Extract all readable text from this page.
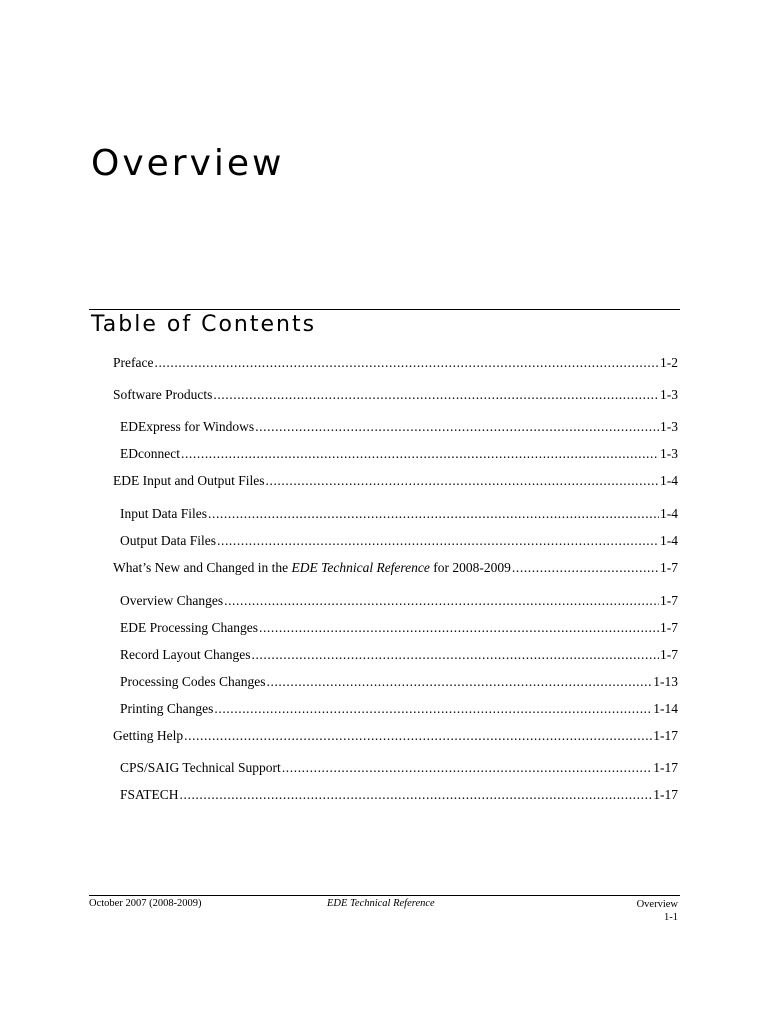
Overview
Table of Contents
Preface .....	1-2
Software Products .....	1-3
EDExpress for Windows .....	1-3
EDconnect .....	1-3
EDE Input and Output Files .....	1-4
Input Data Files .....	1-4
Output Data Files .....	1-4
What’s New and Changed in the EDE Technical Reference for 2008-2009 .....	1-7
Overview Changes .....	1-7
EDE Processing Changes .....	1-7
Record Layout Changes .....	1-7
Processing Codes Changes .....	1-13
Printing Changes .....	1-14
Getting Help .....	1-17
CPS/SAIG Technical Support .....	1-17
FSATECH .....	1-17
October 2007 (2008-2009)	EDE Technical Reference	Overview
1-1
